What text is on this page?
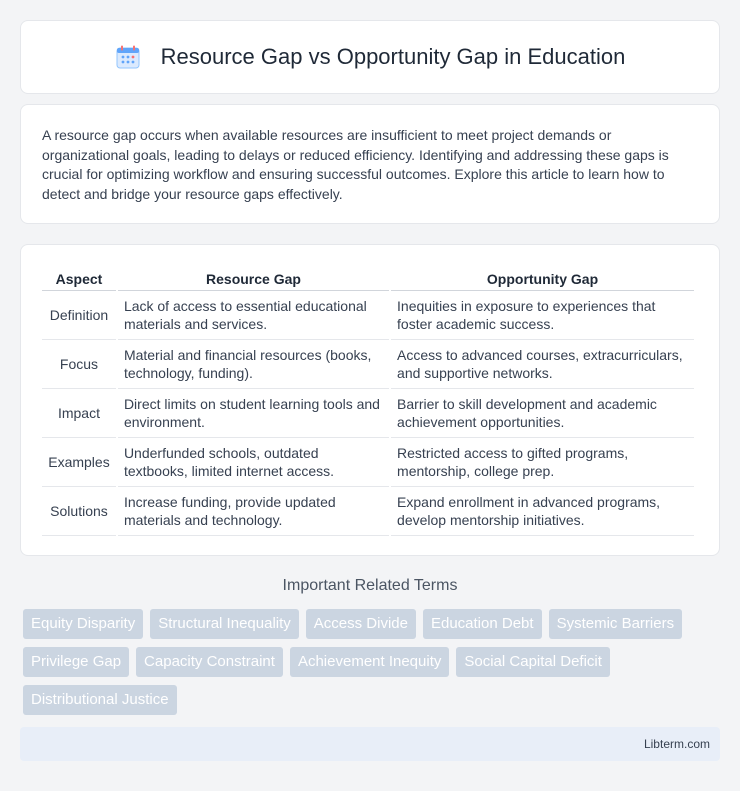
Resource Gap vs Opportunity Gap in Education

A resource gap occurs when available resources are insufficient to meet project demands or organizational goals, leading to delays or reduced efficiency. Identifying and addressing these gaps is crucial for optimizing workflow and ensuring successful outcomes. Explore this article to learn how to detect and bridge your resource gaps effectively.

Aspect	Resource Gap	Opportunity Gap
Definition	Lack of access to essential educational materials and services.	Inequities in exposure to experiences that foster academic success.
Focus	Material and financial resources (books, technology, funding).	Access to advanced courses, extracurriculars, and supportive networks.
Impact	Direct limits on student learning tools and environment.	Barrier to skill development and academic achievement opportunities.
Examples	Underfunded schools, outdated textbooks, limited internet access.	Restricted access to gifted programs, mentorship, college prep.
Solutions	Increase funding, provide updated materials and technology.	Expand enrollment in advanced programs, develop mentorship initiatives.
Important Related Terms
Equity Disparity	Structural Inequality	Access Divide	Education Debt	Systemic Barriers
Privilege Gap	Capacity Constraint	Achievement Inequity	Social Capital Deficit
Distributional Justice
Libterm.com
